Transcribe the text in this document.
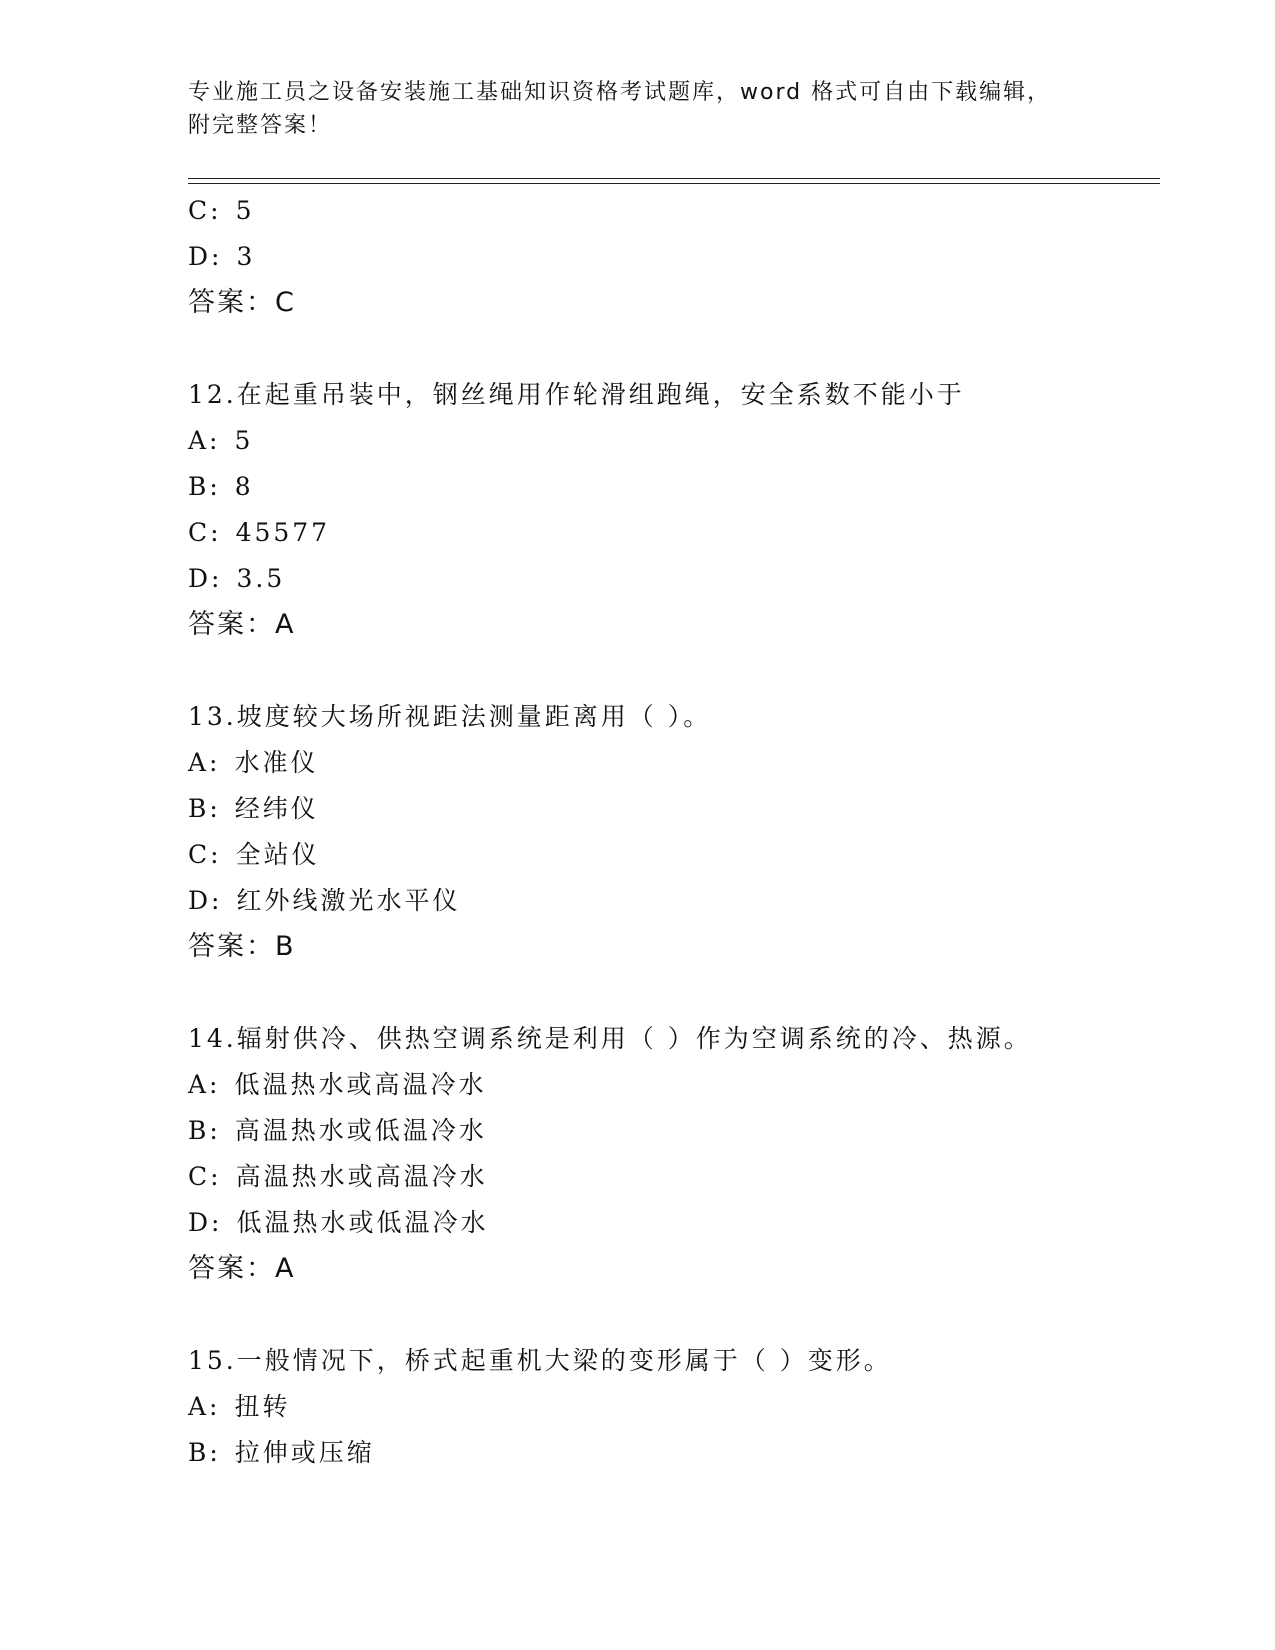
专业施工员之设备安装施工基础知识资格考试题库，word 格式可自由下载编辑，
附完整答案！
C: 5
D: 3
答案：C
12.在起重吊装中，钢丝绳用作轮滑组跑绳，安全系数不能小于
A: 5
B: 8
C: 45577
D: 3.5
答案：A
13.坡度较大场所视距法测量距离用（ ）。
A: 水准仪
B: 经纬仪
C: 全站仪
D: 红外线激光水平仪
答案：B
14.辐射供冷、供热空调系统是利用（ ）作为空调系统的冷、热源。
A: 低温热水或高温冷水
B: 高温热水或低温冷水
C: 高温热水或高温冷水
D: 低温热水或低温冷水
答案：A
15.一般情况下，桥式起重机大梁的变形属于（ ）变形。
A: 扭转
B: 拉伸或压缩
